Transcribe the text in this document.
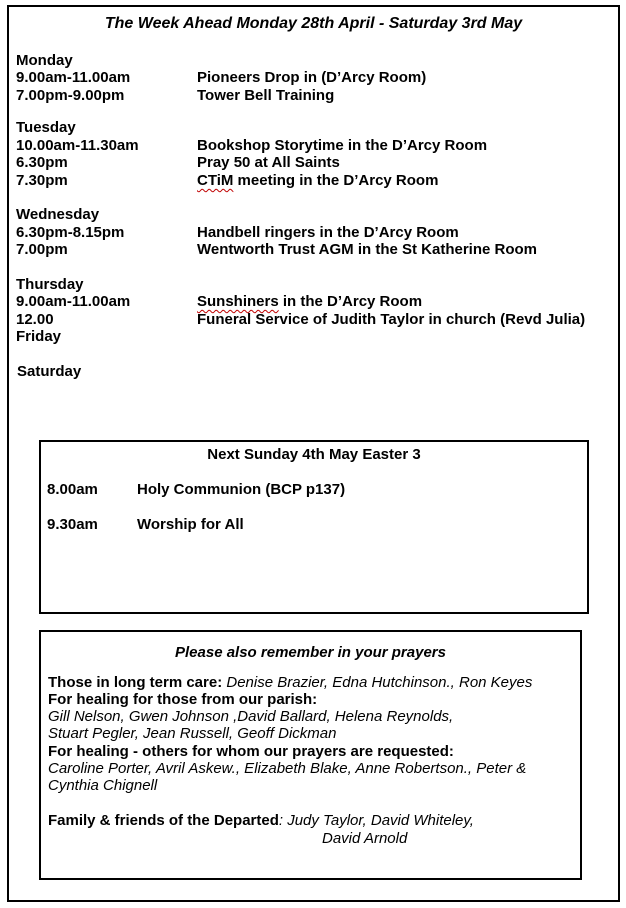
The Week Ahead Monday 28th April - Saturday 3rd May
Monday
9.00am-11.00am	Pioneers Drop in (D’Arcy Room)
7.00pm-9.00pm	Tower Bell Training
Tuesday
10.00am-11.30am	Bookshop Storytime in the D’Arcy Room
6.30pm	Pray 50 at All Saints
7.30pm	CTiM meeting in the D’Arcy Room
Wednesday
6.30pm-8.15pm	Handbell ringers in the D’Arcy Room
7.00pm	Wentworth Trust AGM in the St Katherine Room
Thursday
9.00am-11.00am	Sunshiners in the D’Arcy Room
12.00	Funeral Service of Judith Taylor in church (Revd Julia)
Friday
Saturday
Next Sunday 4th May Easter 3
8.00am	Holy Communion (BCP p137)
9.30am	Worship for All
Please also remember in your prayers
Those in long term care: Denise Brazier, Edna Hutchinson., Ron Keyes
For healing for those from our parish:
Gill Nelson, Gwen Johnson ,David Ballard, Helena Reynolds,
Stuart Pegler, Jean Russell, Geoff Dickman
For healing - others for whom our prayers are requested:
Caroline Porter, Avril Askew., Elizabeth Blake, Anne Robertson., Peter &
Cynthia Chignell
Family & friends of the Departed: Judy Taylor, David Whiteley,
David Arnold
